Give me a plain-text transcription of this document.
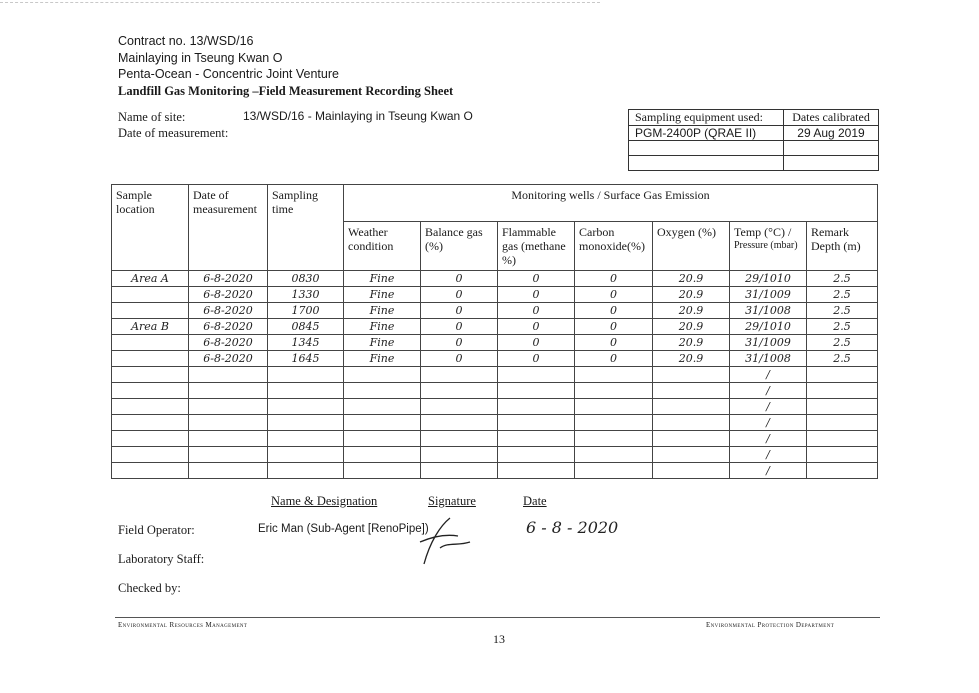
Contract no. 13/WSD/16
Mainlaying in Tseung Kwan O
Penta-Ocean - Concentric Joint Venture
Landfill Gas Monitoring –Field Measurement Recording Sheet
Name of site:
Date of measurement:
13/WSD/16 - Mainlaying in Tseung Kwan O	Sampling equipment used:	Dates calibrated
PGM-2400P (QRAE II)	29 Aug 2019

Sample location	Date of measurement	Sampling time	Monitoring wells / Surface Gas Emission						
			Weather condition	Balance gas (%)	Flammable gas (methane %)	Carbon monoxide(%)	Oxygen (%)	Temp (°C) /
Pressure (mbar)	Remark Depth (m)
Area A	6-8-2020	0830	Fine	0	0	0	20.9	29/1010	2.5
	6-8-2020	1330	Fine	0	0	0	20.9	31/1009	2.5
	6-8-2020	1700	Fine	0	0	0	20.9	31/1008	2.5
Area B	6-8-2020	0845	Fine	0	0	0	20.9	29/1010	2.5
	6-8-2020	1345	Fine	0	0	0	20.9	31/1009	2.5
	6-8-2020	1645	Fine	0	0	0	20.9	31/1008	2.5
								/	
								/	
								/	
								/	
								/	
								/	
								/	
Name & Designation	Signature	Date
Field Operator:	Eric Man (Sub-Agent [RenoPipe])	6 - 8 - 2020
Laboratory Staff:
Checked by:
Environmental Resources Management	Environmental Protection Department
13
